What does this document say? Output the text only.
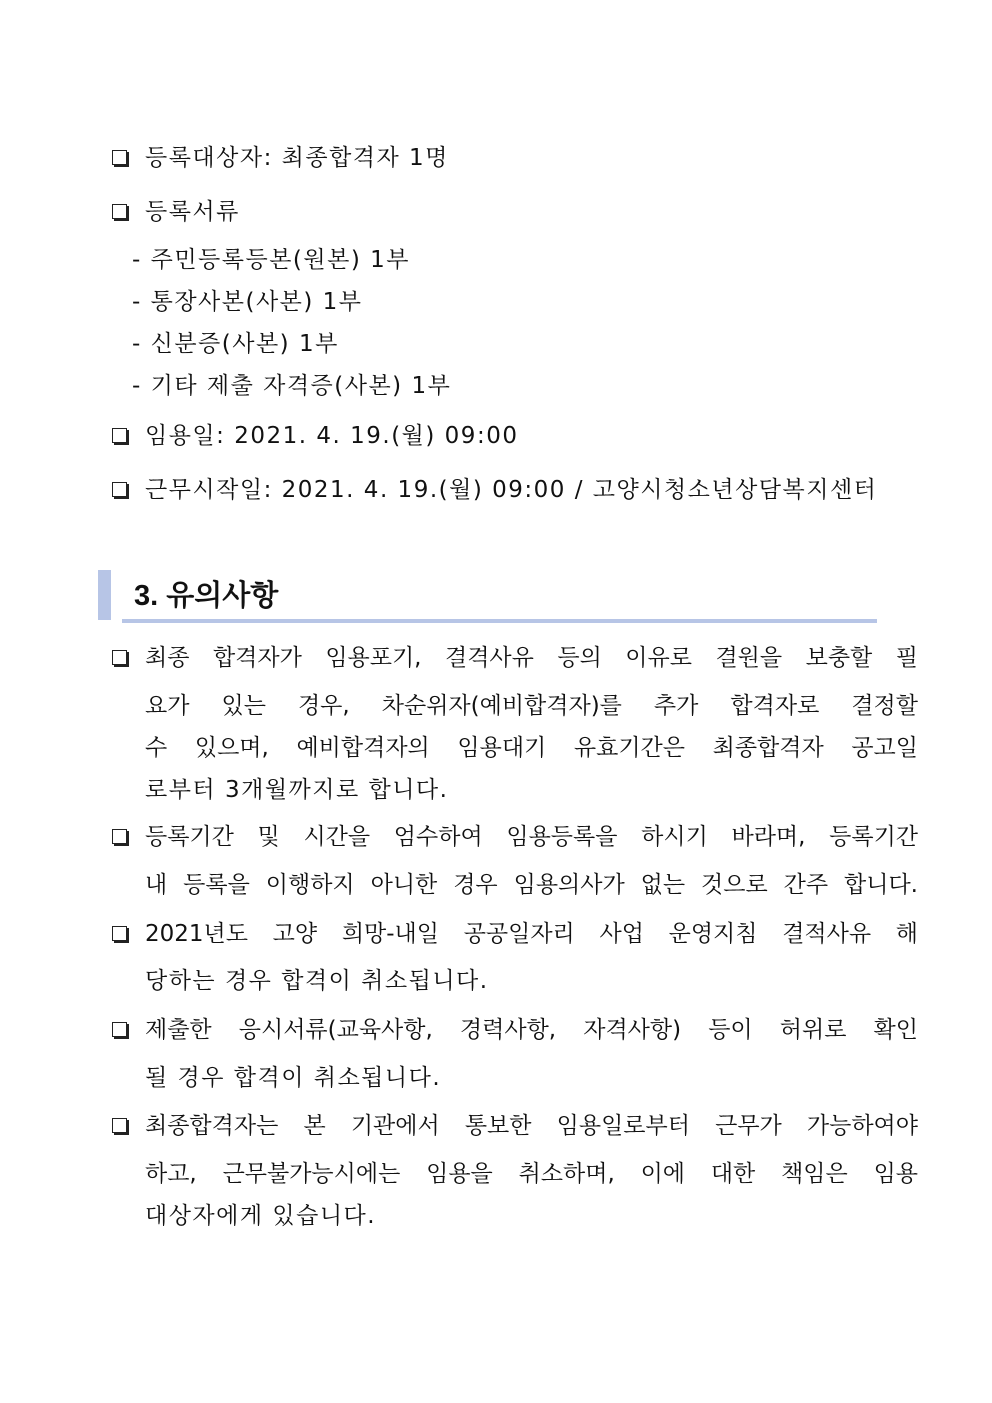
등록대상자: 최종합격자 1명
등록서류
- 주민등록등본(원본) 1부
- 통장사본(사본) 1부
- 신분증(사본) 1부
- 기타 제출 자격증(사본) 1부
임용일: 2021. 4. 19.(월) 09:00
근무시작일: 2021. 4. 19.(월) 09:00 / 고양시청소년상담복지센터
3. 유의사항
최종 합격자가 임용포기, 결격사유 등의 이유로 결원을 보충할 필
요가 있는 경우, 차순위자(예비합격자)를 추가 합격자로 결정할
수 있으며, 예비합격자의 임용대기 유효기간은 최종합격자 공고일
로부터 3개월까지로 합니다.
등록기간 및 시간을 엄수하여 임용등록을 하시기 바라며, 등록기간
내 등록을 이행하지 아니한 경우 임용의사가 없는 것으로 간주 합니다.
2021년도 고양 희망-내일 공공일자리 사업 운영지침 결적사유 해
당하는 경우 합격이 취소됩니다.
제출한 응시서류(교육사항, 경력사항, 자격사항) 등이 허위로 확인
될 경우 합격이 취소됩니다.
최종합격자는 본 기관에서 통보한 임용일로부터 근무가 가능하여야
하고, 근무불가능시에는 임용을 취소하며, 이에 대한 책임은 임용
대상자에게 있습니다.
